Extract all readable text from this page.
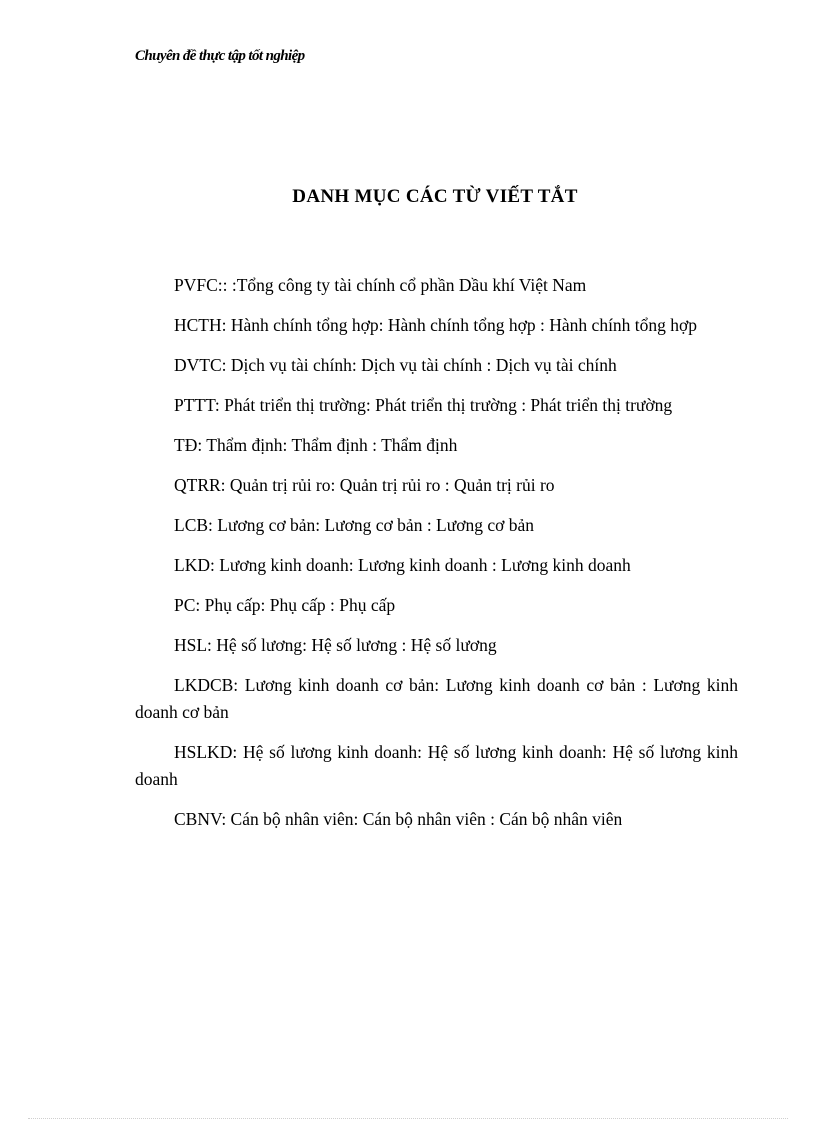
Chuyên đề thực tập tốt nghiệp
DANH MỤC CÁC TỪ VIẾT TẮT

PVFC:: :Tổng công ty tài chính cổ phần Dầu khí Việt Nam

HCTH: Hành chính tổng hợp: Hành chính tổng hợp : Hành chính tổng hợp

DVTC: Dịch vụ tài chính: Dịch vụ tài chính : Dịch vụ tài chính

PTTT: Phát triển thị trường: Phát triển thị trường : Phát triển thị trường

TĐ: Thẩm định: Thẩm định : Thẩm định

QTRR: Quản trị rủi ro: Quản trị rủi ro : Quản trị rủi ro

LCB: Lương cơ bản: Lương cơ bản : Lương cơ bản

LKD: Lương kinh doanh: Lương kinh doanh : Lương kinh doanh

PC: Phụ cấp: Phụ cấp : Phụ cấp

HSL: Hệ số lương: Hệ số lương : Hệ số lương

LKDCB: Lương kinh doanh cơ bản: Lương kinh doanh cơ bản : Lương kinh doanh cơ bản

HSLKD: Hệ số lương kinh doanh: Hệ số lương kinh doanh: Hệ số lương kinh doanh

CBNV: Cán bộ nhân viên: Cán bộ nhân viên : Cán bộ nhân viên
